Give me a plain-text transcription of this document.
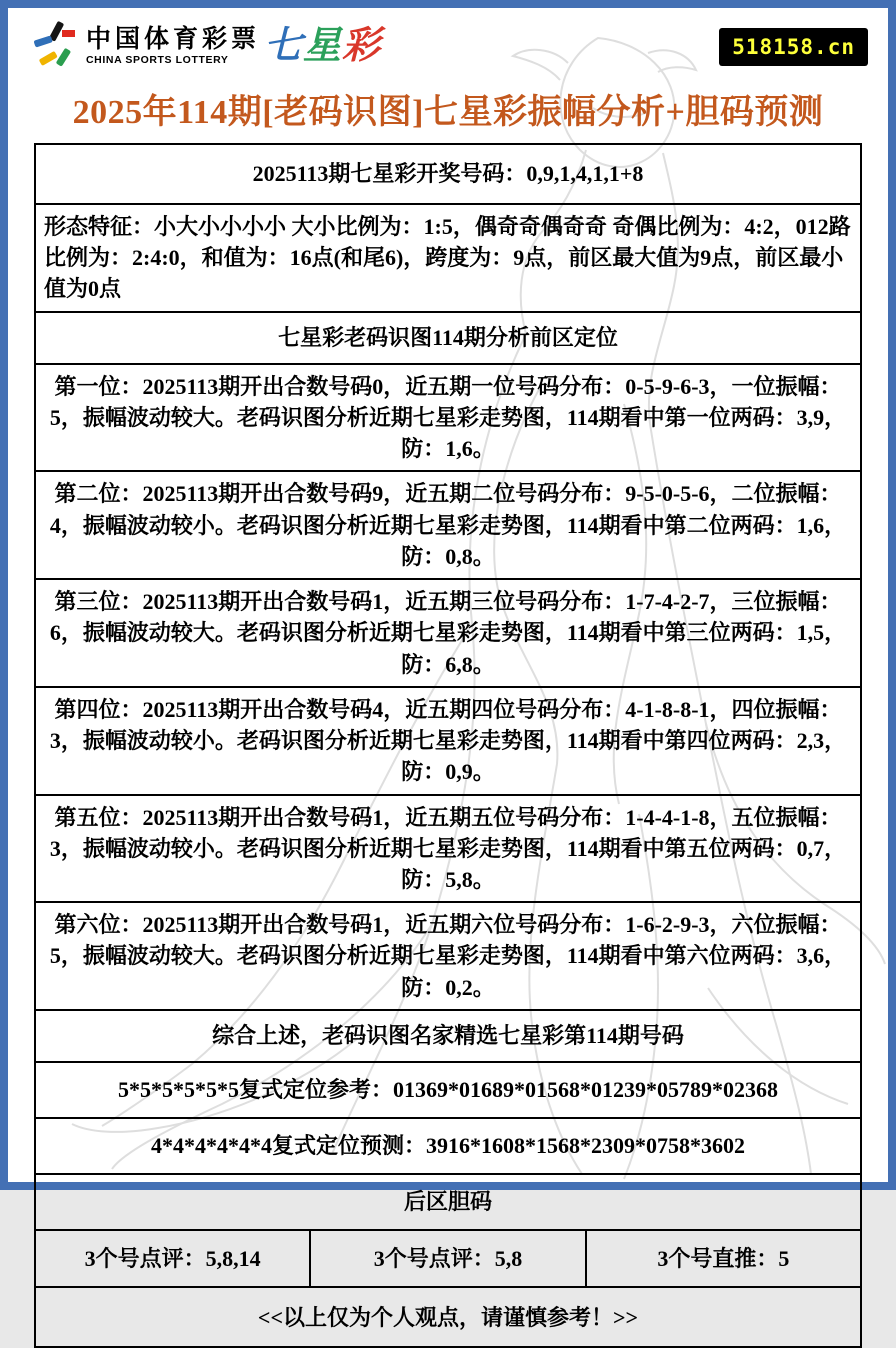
中国体育彩票
CHINA SPORTS LOTTERY 七星彩	518158.cn
2025年114期[老码识图]七星彩振幅分析+胆码预测
2025113期七星彩开奖号码：0,9,1,4,1,1+8
形态特征：小大小小小小 大小比例为：1:5，偶奇奇偶奇奇 奇偶比例为：4:2，012路比例为：2:4:0，和值为：16点(和尾6)，跨度为：9点，前区最大值为9点，前区最小值为0点
七星彩老码识图114期分析前区定位
第一位：2025113期开出合数号码0，近五期一位号码分布：0-5-9-6-3，一位振幅：5，振幅波动较大。老码识图分析近期七星彩走势图，114期看中第一位两码：3,9，防：1,6。
第二位：2025113期开出合数号码9，近五期二位号码分布：9-5-0-5-6，二位振幅：4，振幅波动较小。老码识图分析近期七星彩走势图，114期看中第二位两码：1,6，防：0,8。
第三位：2025113期开出合数号码1，近五期三位号码分布：1-7-4-2-7，三位振幅：6，振幅波动较大。老码识图分析近期七星彩走势图，114期看中第三位两码：1,5，防：6,8。
第四位：2025113期开出合数号码4，近五期四位号码分布：4-1-8-8-1，四位振幅：3，振幅波动较小。老码识图分析近期七星彩走势图，114期看中第四位两码：2,3，防：0,9。
第五位：2025113期开出合数号码1，近五期五位号码分布：1-4-4-1-8，五位振幅：3，振幅波动较小。老码识图分析近期七星彩走势图，114期看中第五位两码：0,7，防：5,8。
第六位：2025113期开出合数号码1，近五期六位号码分布：1-6-2-9-3，六位振幅：5，振幅波动较大。老码识图分析近期七星彩走势图，114期看中第六位两码：3,6，防：0,2。
综合上述，老码识图名家精选七星彩第114期号码
5*5*5*5*5*5复式定位参考：01369*01689*01568*01239*05789*02368
4*4*4*4*4*4复式定位预测：3916*1608*1568*2309*0758*3602
后区胆码
3个号点评：5,8,14	3个号点评：5,8	3个号直推：5
<<以上仅为个人观点，请谨慎参考！>>
